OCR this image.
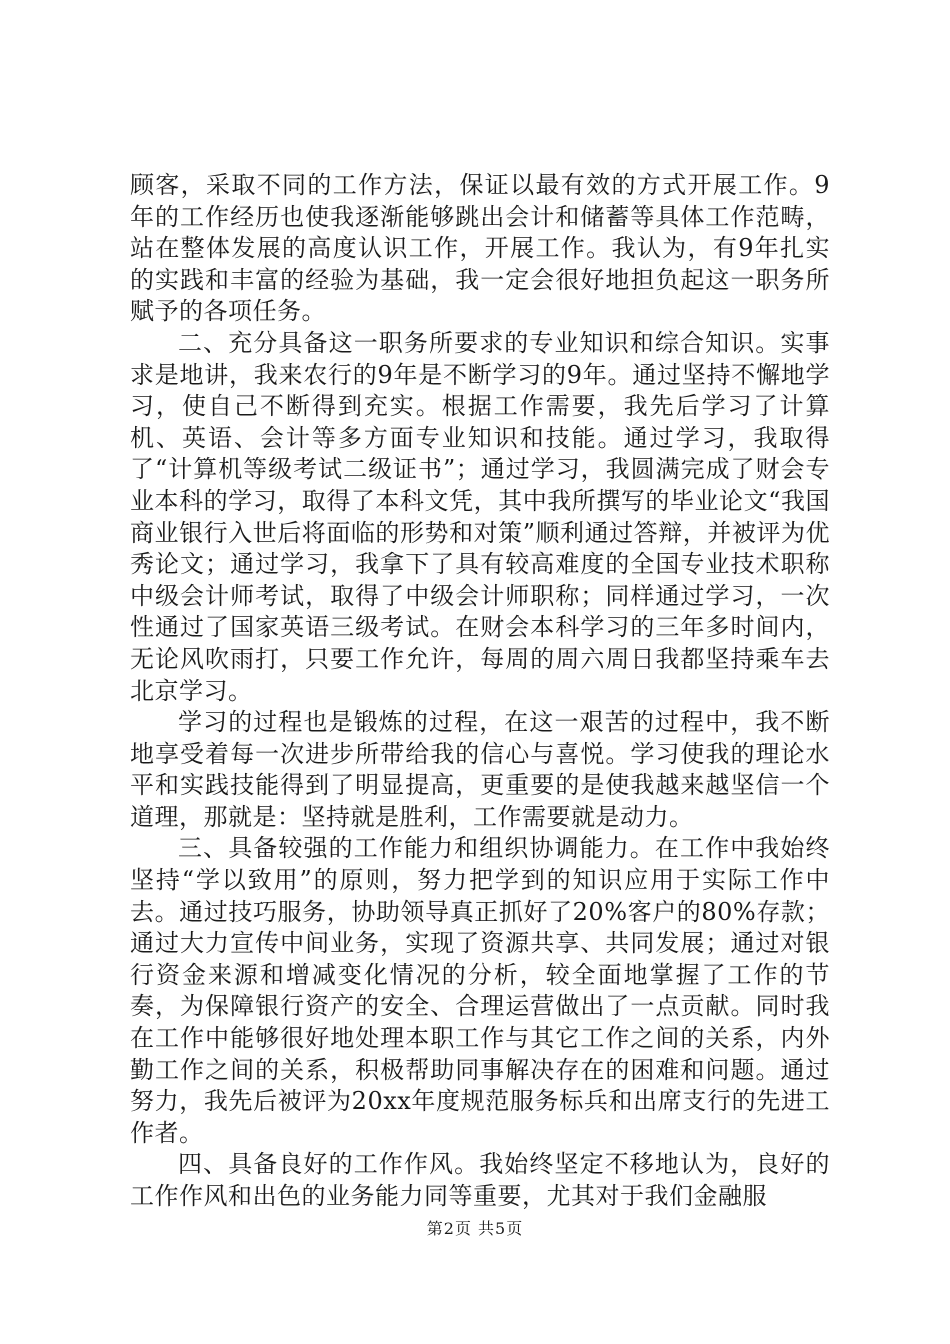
顾客，采取不同的工作方法，保证以最有效的方式开展工作。9年的工作经历也使我逐渐能够跳出会计和储蓄等具体工作范畴，站在整体发展的高度认识工作，开展工作。我认为，有9年扎实的实践和丰富的经验为基础，我一定会很好地担负起这一职务所赋予的各项任务。

二、充分具备这一职务所要求的专业知识和综合知识。实事求是地讲，我来农行的9年是不断学习的9年。通过坚持不懈地学习，使自己不断得到充实。根据工作需要，我先后学习了计算机、英语、会计等多方面专业知识和技能。通过学习，我取得了“计算机等级考试二级证书”；通过学习，我圆满完成了财会专业本科的学习，取得了本科文凭，其中我所撰写的毕业论文“我国商业银行入世后将面临的形势和对策”顺利通过答辩，并被评为优秀论文；通过学习，我拿下了具有较高难度的全国专业技术职称中级会计师考试，取得了中级会计师职称；同样通过学习，一次性通过了国家英语三级考试。在财会本科学习的三年多时间内，无论风吹雨打，只要工作允许，每周的周六周日我都坚持乘车去北京学习。

学习的过程也是锻炼的过程，在这一艰苦的过程中，我不断地享受着每一次进步所带给我的信心与喜悦。学习使我的理论水平和实践技能得到了明显提高，更重要的是使我越来越坚信一个道理，那就是：坚持就是胜利，工作需要就是动力。

三、具备较强的工作能力和组织协调能力。在工作中我始终坚持“学以致用”的原则，努力把学到的知识应用于实际工作中去。通过技巧服务，协助领导真正抓好了20%客户的80%存款；通过大力宣传中间业务，实现了资源共享、共同发展；通过对银行资金来源和增减变化情况的分析，较全面地掌握了工作的节奏，为保障银行资产的安全、合理运营做出了一点贡献。同时我在工作中能够很好地处理本职工作与其它工作之间的关系，内外勤工作之间的关系，积极帮助同事解决存在的困难和问题。通过努力，我先后被评为20xx年度规范服务标兵和出席支行的先进工作者。

四、具备良好的工作作风。我始终坚定不移地认为，良好的工作作风和出色的业务能力同等重要，尤其对于我们金融服

第2页 共5页
